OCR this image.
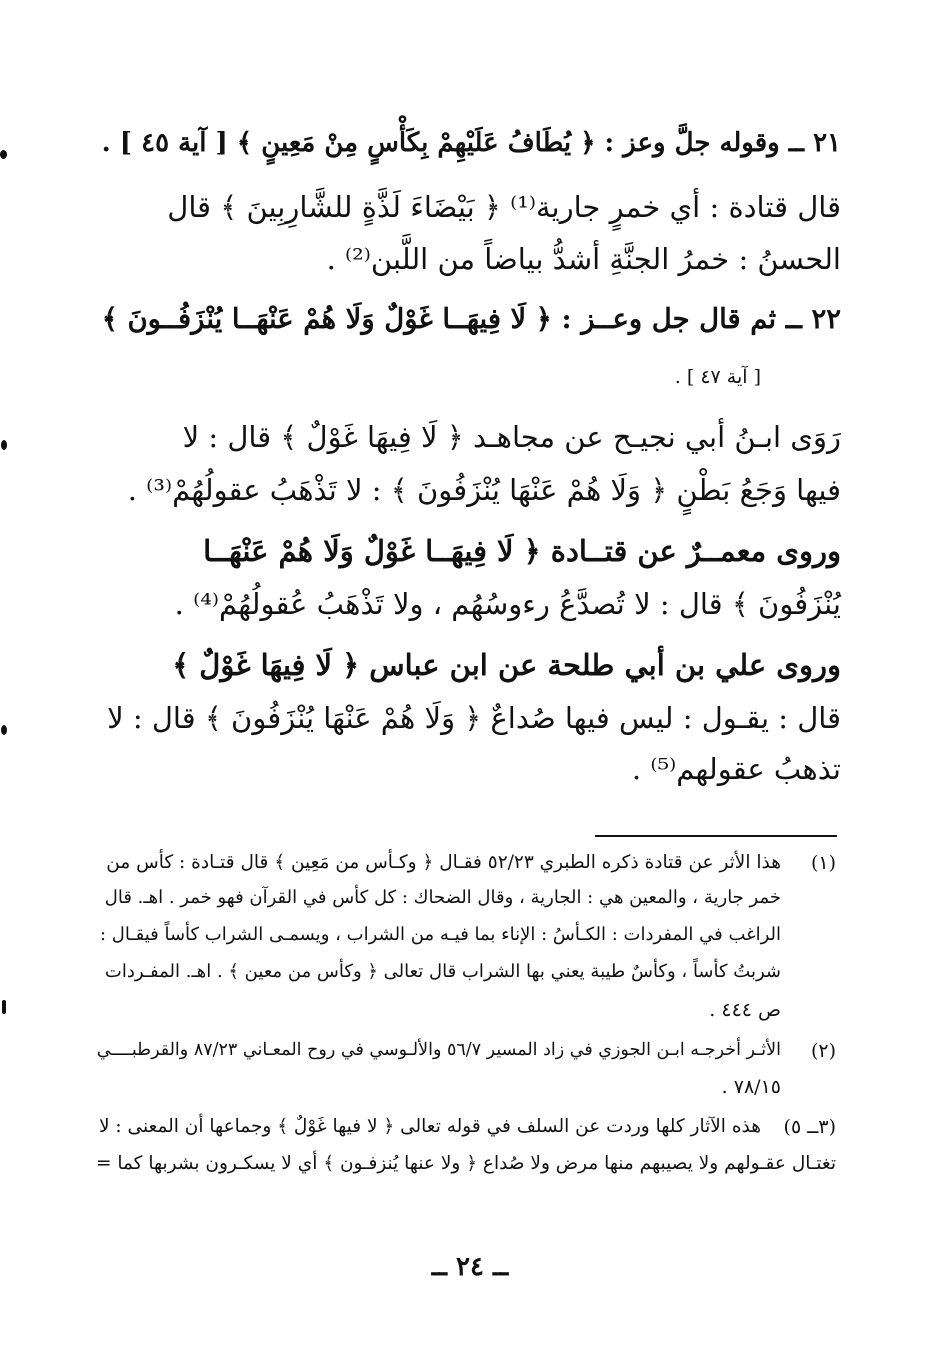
٢١ ــ وقوله جلَّ وعز : ﴿ يُطَافُ عَلَيْهِمْ بِكَأْسٍ مِنْ مَعِينٍ ﴾ [ آية ٤٥ ] .
قال قتادة : أي خمرٍ جارية⁽¹⁾ ﴿ بَيْضَاءَ لَذَّةٍ للشَّارِبِينَ ﴾ قال
الحسنُ : خمرُ الجنَّةِ أشدُّ بياضاً من اللَّبن⁽²⁾ .
٢٢ ــ ثم قال جل وعــز : ﴿ لَا فِيهَــا غَوْلٌ وَلَا هُمْ عَنْهَــا يُنْزَفُــونَ ﴾
[ آية ٤٧ ] .
رَوَى ابـنُ أبي نجيـح عن مجاهـد ﴿ لَا فِيهَا غَوْلٌ ﴾ قال : لا
فيها وَجَعُ بَطْنٍ ﴿ وَلَا هُمْ عَنْهَا يُنْزَفُونَ ﴾ : لا تَذْهَبُ عقولُهُمْ⁽³⁾ .
وروى معمــرٌ عن قتــادة ﴿ لَا فِيهَــا غَوْلٌ وَلَا هُمْ عَنْهَــا
يُنْزَفُونَ ﴾ قال : لا تُصدَّعُ رءوسُهُم ، ولا تَذْهَبُ عُقولُهُمْ⁽⁴⁾ .
وروى علي بن أبي طلحة عن ابن عباس ﴿ لَا فِيهَا غَوْلٌ ﴾
قال : يقـول : ليس فيها صُداعٌ ﴿ وَلَا هُمْ عَنْهَا يُنْزَفُونَ ﴾ قال : لا
تذهبُ عقولهم⁽⁵⁾ .
(١)
هذا الأثر عن قتادة ذكره الطبري ٥٢/٢٣ فقـال ﴿ وكـأس من مَعِين ﴾ قال قتـادة : كأس من
خمر جارية ، والمعين هي : الجارية ، وقال الضحاك : كل كأس في القرآن فهو خمر . اهـ. قال
الراغب في المفردات : الكـأسُ : الإناء بما فيـه من الشراب ، ويسمـى الشراب كأساً فيقـال :
شربتُ كأساً ، وكأسٌ طيبة يعني بها الشراب قال تعالى ﴿ وكأس من معين ﴾ . اهـ. المفـردات
ص ٤٤٤ .
(٢)
الأثـر أخرجـه ابـن الجوزي في زاد المسير ٥٦/٧ والألـوسي في روح المعـاني ٨٧/٢٣ والقرطبــــي
٧٨/١٥ .
(٣ــ ٥)
هذه الآثار كلها وردت عن السلف في قوله تعالى ﴿ لا فيها غَوْلٌ ﴾ وجماعها أن المعنى : لا
تغتـال عقـولهم ولا يصيبهم منها مرض ولا صُداع ﴿ ولا عنها يُنزفـون ﴾ أي لا يسكـرون بشربها كما =
ــ ٢٤ ــ
